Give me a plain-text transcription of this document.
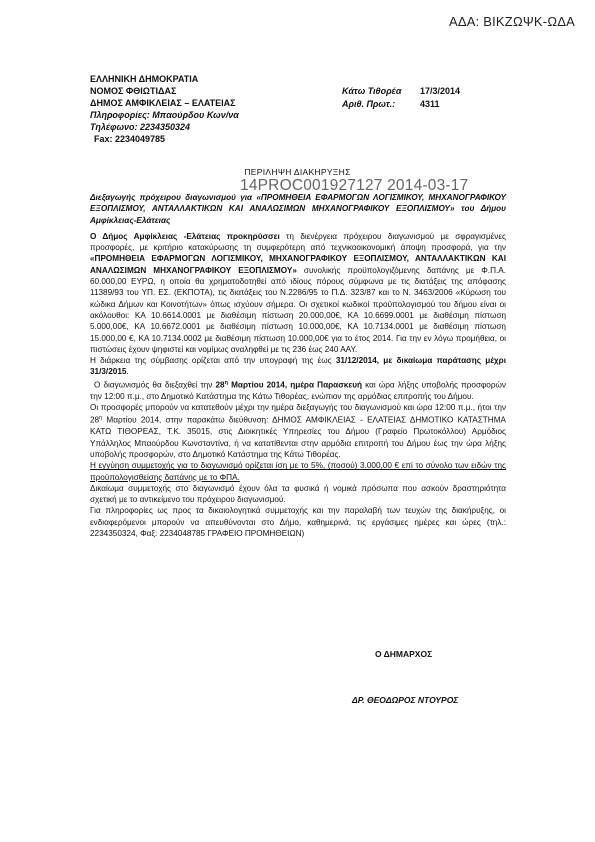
ΑΔΑ: ΒΙΚΖΩΨΚ-ΩΔΑ
ΕΛΛΗΝΙΚΗ ΔΗΜΟΚΡΑΤΙΑ
ΝΟΜΟΣ ΦΘΙΩΤΙΔΑΣ
ΔΗΜΟΣ ΑΜΦΙΚΛΕΙΑΣ – ΕΛΑΤΕΙΑΣ
Πληροφορίες: Μπαούρδου Κων/να
Τηλέφωνο: 2234350324
Fax: 2234049785
Κάτω Τιθορέα	17/3/2014
Αριθ. Πρωτ.:	4311
ΠΕΡΙΛΗΨΗ ΔΙΑΚΗΡΥΞΗΣ
14PROC001927127 2014-03-17

Διεξαγωγής πρόχειρου διαγωνισμού για «ΠΡΟΜΗΘΕΙΑ ΕΦΑΡΜΟΓΩΝ ΛΟΓΙΣΜΙΚΟΥ, ΜΗΧΑΝΟΓΡΑΦΙΚΟΥ ΕΞΟΠΛΙΣΜΟΥ, ΑΝΤΑΛΛΑΚΤΙΚΩΝ ΚΑΙ ΑΝΑΛΩΣΙΜΩΝ ΜΗΧΑΝΟΓΡΑΦΙΚΟΥ ΕΞΟΠΛΙΣΜΟΥ» του Δήμου Αμφίκλειας-Ελάτειας

Ο Δήμος Αμφίκλειας -Ελάτειας προκηρύσσει τη διενέργεια πρόχειρου διαγωνισμού με σφραγισμένες προσφορές, με κριτήριο κατακύρωσης τη συμφερότερη από τεχνικοοικονομική άποψη προσφορά, για την «ΠΡΟΜΗΘΕΙΑ ΕΦΑΡΜΟΓΩΝ ΛΟΓΙΣΜΙΚΟΥ, ΜΗΧΑΝΟΓΡΑΦΙΚΟΥ ΕΞΟΠΛΙΣΜΟΥ, ΑΝΤΑΛΛΑΚΤΙΚΩΝ ΚΑΙ ΑΝΑΛΩΣΙΜΩΝ ΜΗΧΑΝΟΓΡΑΦΙΚΟΥ ΕΞΟΠΛΙΣΜΟΥ» συνολικής προϋπολογιζόμενης δαπάνης με Φ.Π.Α. 60.000,00 ΕΥΡΩ, η οποία θα χρηματοδοτηθεί από ιδίους πόρους σύμφωνα με τις διατάξεις της απόφασης 11389/93 του ΥΠ. ΕΣ. (ΕΚΠΟΤΑ), τις διατάξεις του Ν.2286/95 το Π.Δ. 323/87 και το Ν. 3463/2006 «Κύρωση του κώδικα Δήμων και Κοινοτήτων» όπως ισχύουν σήμερα. Οι σχετικοί κωδικοί προϋπολογισμού του δήμου είναι οι ακόλουθοι: ΚΑ 10.6614.0001 με διαθέσιμη πίστωση 20.000,00€, ΚΑ 10.6699.0001 με διαθέσιμη πίστωση 5.000,00€, ΚΑ 10.6672.0001 με διαθέσιμη πίστωση 10.000,00€, ΚΑ 10.7134.0001 με διαθέσιμη πίστωση 15.000,00 €, ΚΑ 10.7134.0002 με διαθέσιμη πίστωση 10.000,00€ για το έτος 2014. Για την εν λόγω προμήθεια, οι πιστώσεις έχουν ψηφιστεί και νομίμως αναληφθεί με τις 236 έως 240 ΑΑΥ.

Η διάρκεια της σύμβασης ορίζεται από την υπογραφή της έως 31/12/2014, με δικαίωμα παράτασης μέχρι 31/3/2015.

Ο διαγωνισμός θα διεξαχθεί την $28^\eta$ Μαρτίου 2014, ημέρα Παρασκευή και ώρα λήξης υποβολής προσφορών την 12:00 π.μ., στο Δημοτικό Κατάστημα της Κάτω Τιθορέας, ενώπιον της αρμόδιας επιτροπής του Δήμου.

Οι προσφορές μπορούν να κατατεθούν μέχρι την ημέρα διεξαγωγής του διαγωνισμού και ώρα 12:00 π.μ., ήτοι την $28^\eta$ Μαρτίου 2014, στην παρακάτω διεύθυνση: ΔΗΜΟΣ ΑΜΦΙΚΛΕΙΑΣ - ΕΛΑΤΕΙΑΣ ΔΗΜΟΤΙΚΟ ΚΑΤΑΣΤΗΜΑ ΚΑΤΩ ΤΙΘΟΡΕΑΣ, Τ.Κ. 35015, στις Διοικητικές Υπηρεσίες του Δήμου (Γραφείο Πρωτοκόλλου) Αρμόδιος Υπάλληλος Μπαούρδου Κωνσταντίνα, ή να κατατίθενται στην αρμόδια επιτροπή του Δήμου έως την ώρα λήξης υποβολής προσφορών, στο Δημοτικό Κατάστημα της Κάτω Τιθορέας.

Η εγγύηση συμμετοχής για το διαγωνισμό ορίζεται ίση με το 5%, (ποσού) 3.000,00 € επί το σύνολο των ειδών της προϋπολογισθείσης δαπάνης με το ΦΠΑ.

Δικαίωμα συμμετοχής στο διαγωνισμό έχουν όλα τα φυσικά ή νομικά πρόσωπα που ασκούν δραστηριότητα σχετική με το αντικείμενο του πρόχειρου διαγωνισμού.

Για πληροφορίες ως προς τα δικαιολογητικά συμμετοχής και την παραλαβή των τευχών της διακήρυξης, οι ενδιαφερόμενοι μπορούν να απευθύνονται στο Δήμο, καθημερινά, τις εργάσιμες ημέρες και ώρες (τηλ.: 2234350324, Φαξ: 2234048785 ΓΡΑΦΕΙΟ ΠΡΟΜΗΘΕΙΩΝ)

Ο ΔΗΜΑΡΧΟΣ
ΔΡ. ΘΕΟΔΩΡΟΣ ΝΤΟΥΡΟΣ
